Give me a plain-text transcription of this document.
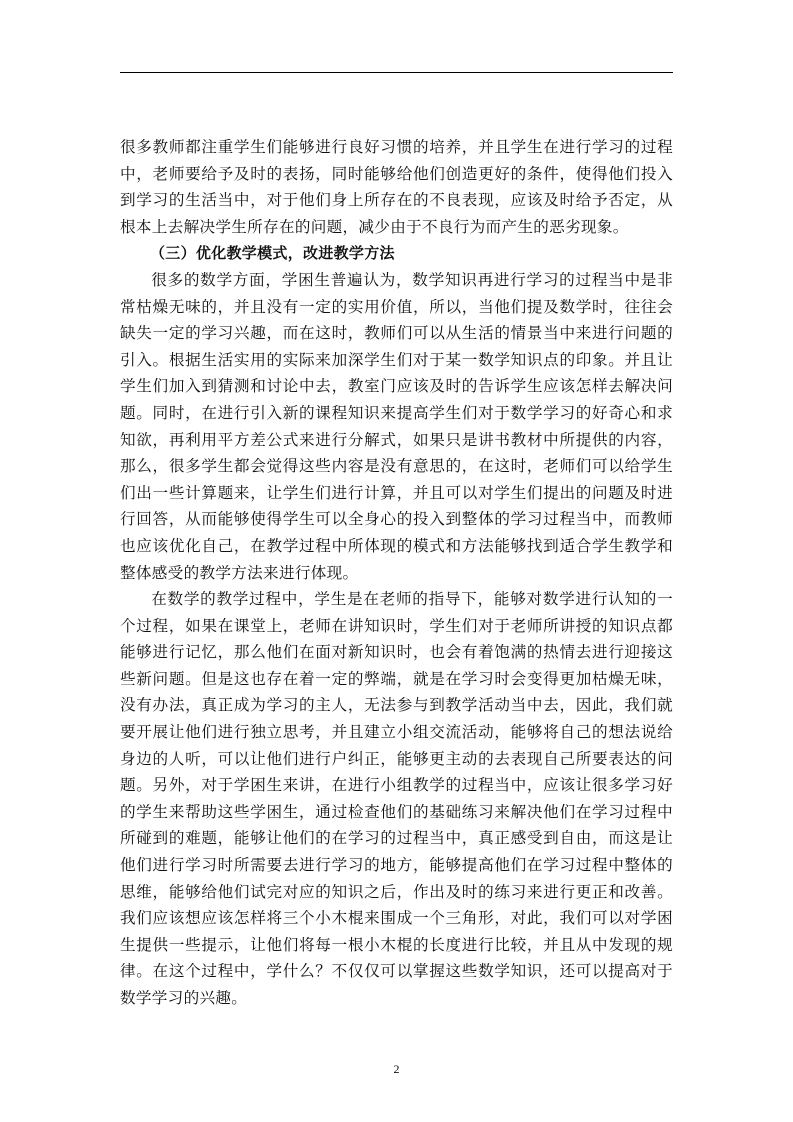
很多教师都注重学生们能够进行良好习惯的培养，并且学生在进行学习的过程中，老师要给予及时的表扬，同时能够给他们创造更好的条件，使得他们投入到学习的生活当中，对于他们身上所存在的不良表现，应该及时给予否定，从根本上去解决学生所存在的问题，减少由于不良行为而产生的恶劣现象。

（三）优化教学模式，改进教学方法

很多的数学方面，学困生普遍认为，数学知识再进行学习的过程当中是非常枯燥无味的，并且没有一定的实用价值，所以，当他们提及数学时，往往会缺失一定的学习兴趣，而在这时，教师们可以从生活的情景当中来进行问题的引入。根据生活实用的实际来加深学生们对于某一数学知识点的印象。并且让学生们加入到猜测和讨论中去，教室门应该及时的告诉学生应该怎样去解决问题。同时，在进行引入新的课程知识来提高学生们对于数学学习的好奇心和求知欲，再利用平方差公式来进行分解式，如果只是讲书教材中所提供的内容，那么，很多学生都会觉得这些内容是没有意思的，在这时，老师们可以给学生们出一些计算题来，让学生们进行计算，并且可以对学生们提出的问题及时进行回答，从而能够使得学生可以全身心的投入到整体的学习过程当中，而教师也应该优化自己，在教学过程中所体现的模式和方法能够找到适合学生教学和整体感受的教学方法来进行体现。

在数学的教学过程中，学生是在老师的指导下，能够对数学进行认知的一个过程，如果在课堂上，老师在讲知识时，学生们对于老师所讲授的知识点都能够进行记忆，那么他们在面对新知识时，也会有着饱满的热情去进行迎接这些新问题。但是这也存在着一定的弊端，就是在学习时会变得更加枯燥无味，没有办法，真正成为学习的主人，无法参与到教学活动当中去，因此，我们就要开展让他们进行独立思考，并且建立小组交流活动，能够将自己的想法说给身边的人听，可以让他们进行户纠正，能够更主动的去表现自己所要表达的问题。另外，对于学困生来讲，在进行小组教学的过程当中，应该让很多学习好的学生来帮助这些学困生，通过检查他们的基础练习来解决他们在学习过程中所碰到的难题，能够让他们的在学习的过程当中，真正感受到自由，而这是让他们进行学习时所需要去进行学习的地方，能够提高他们在学习过程中整体的思维，能够给他们试完对应的知识之后，作出及时的练习来进行更正和改善。我们应该想应该怎样将三个小木棍来围成一个三角形，对此，我们可以对学困生提供一些提示，让他们将每一根小木棍的长度进行比较，并且从中发现的规律。在这个过程中，学什么？不仅仅可以掌握这些数学知识，还可以提高对于数学学习的兴趣。

2
